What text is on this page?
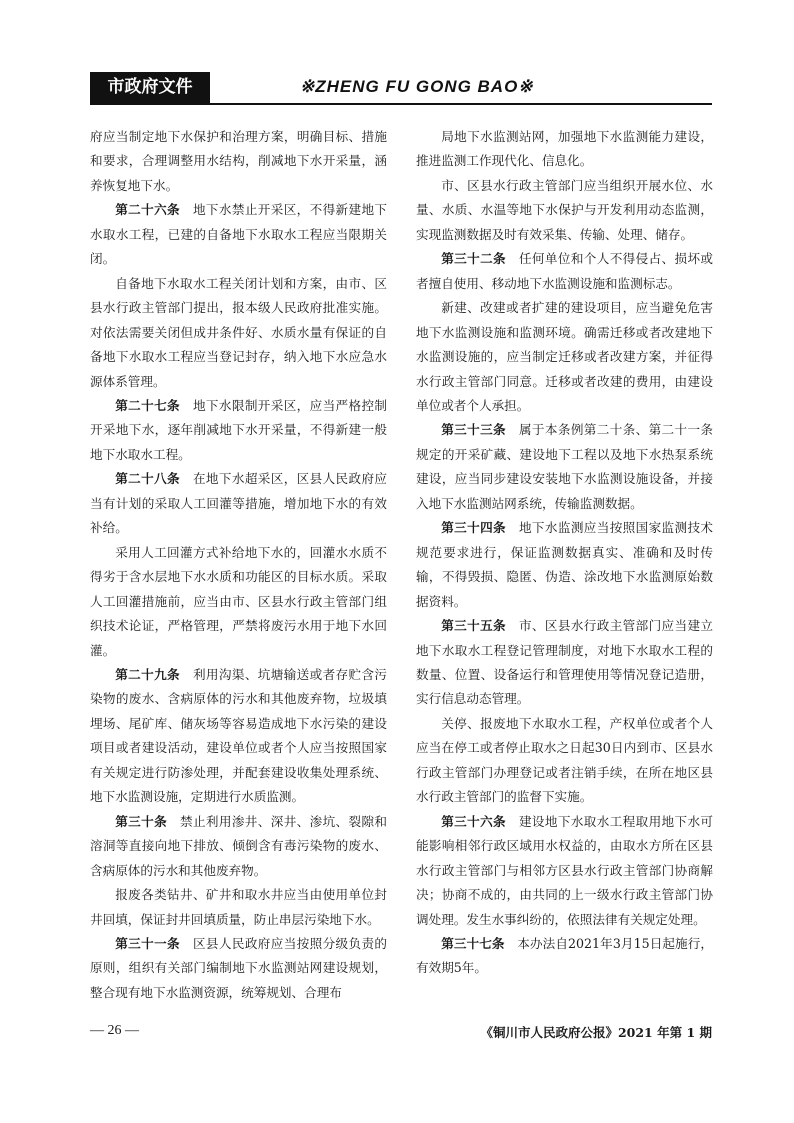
市政府文件	※ZHENG FU GONG BAO※

府应当制定地下水保护和治理方案，明确目标、措施和要求，合理调整用水结构，削减地下水开采量，涵养恢复地下水。

第二十六条　 地下水禁止开采区，不得新建地下水取水工程，已建的自备地下水取水工程应当限期关闭。

自备地下水取水工程关闭计划和方案，由市、区县水行政主管部门提出，报本级人民政府批准实施。对依法需要关闭但成井条件好、水质水量有保证的自备地下水取水工程应当登记封存，纳入地下水应急水源体系管理。

第二十七条　 地下水限制开采区，应当严格控制开采地下水，逐年削减地下水开采量，不得新建一般地下水取水工程。

第二十八条　 在地下水超采区，区县人民政府应当有计划的采取人工回灌等措施，增加地下水的有效补给。

采用人工回灌方式补给地下水的，回灌水水质不得劣于含水层地下水水质和功能区的目标水质。采取人工回灌措施前，应当由市、区县水行政主管部门组织技术论证，严格管理，严禁将废污水用于地下水回灌。

第二十九条　 利用沟渠、坑塘输送或者存贮含污染物的废水、含病原体的污水和其他废弃物，垃圾填埋场、尾矿库、储灰场等容易造成地下水污染的建设项目或者建设活动，建设单位或者个人应当按照国家有关规定进行防渗处理，并配套建设收集处理系统、地下水监测设施，定期进行水质监测。

第三十条　 禁止利用渗井、深井、渗坑、裂隙和溶洞等直接向地下排放、倾倒含有毒污染物的废水、含病原体的污水和其他废弃物。

报废各类钻井、矿井和取水井应当由使用单位封井回填，保证封井回填质量，防止串层污染地下水。

第三十一条　 区县人民政府应当按照分级负责的原则，组织有关部门编制地下水监测站网建设规划，整合现有地下水监测资源，统筹规划、合理布

局地下水监测站网，加强地下水监测能力建设，推进监测工作现代化、信息化。

市、区县水行政主管部门应当组织开展水位、水量、水质、水温等地下水保护与开发利用动态监测，实现监测数据及时有效采集、传输、处理、储存。

第三十二条　 任何单位和个人不得侵占、损坏或者擅自使用、移动地下水监测设施和监测标志。

新建、改建或者扩建的建设项目，应当避免危害地下水监测设施和监测环境。确需迁移或者改建地下水监测设施的，应当制定迁移或者改建方案，并征得水行政主管部门同意。迁移或者改建的费用，由建设单位或者个人承担。

第三十三条　 属于本条例第二十条、第二十一条规定的开采矿藏、建设地下工程以及地下水热泵系统建设，应当同步建设安装地下水监测设施设备，并接入地下水监测站网系统，传输监测数据。

第三十四条　 地下水监测应当按照国家监测技术规范要求进行，保证监测数据真实、准确和及时传输，不得毁损、隐匿、伪造、涂改地下水监测原始数据资料。

第三十五条　 市、区县水行政主管部门应当建立地下水取水工程登记管理制度，对地下水取水工程的数量、位置、设备运行和管理使用等情况登记造册，实行信息动态管理。

关停、报废地下水取水工程，产权单位或者个人应当在停工或者停止取水之日起30日内到市、区县水行政主管部门办理登记或者注销手续，在所在地区县水行政主管部门的监督下实施。

第三十六条　 建设地下水取水工程取用地下水可能影响相邻行政区域用水权益的，由取水方所在区县水行政主管部门与相邻方区县水行政主管部门协商解决；协商不成的，由共同的上一级水行政主管部门协调处理。发生水事纠纷的，依照法律有关规定处理。

第三十七条　 本办法自2021年3月15日起施行，有效期5年。

— 26 —	《铜川市人民政府公报》2021 年第 1 期
